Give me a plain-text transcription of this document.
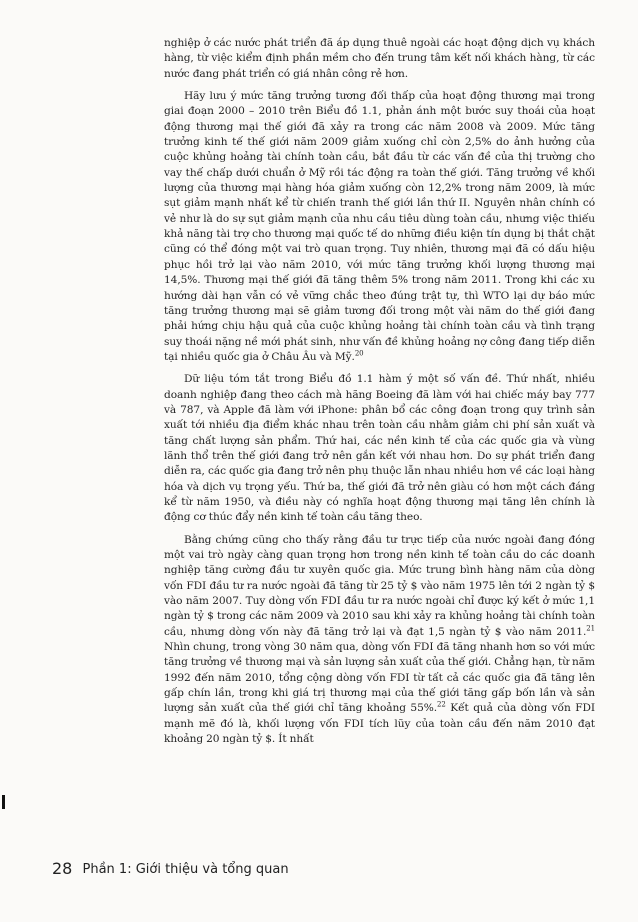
nghiệp ở các nước phát triển đã áp dụng thuê ngoài các hoạt động dịch vụ khách hàng, từ việc kiểm định phần mềm cho đến trung tâm kết nối khách hàng, từ các nước đang phát triển có giá nhân công rẻ hơn.

Hãy lưu ý mức tăng trưởng tương đối thấp của hoạt động thương mại trong giai đoạn 2000 – 2010 trên Biểu đồ 1.1, phản ánh một bước suy thoái của hoạt động thương mại thế giới đã xảy ra trong các năm 2008 và 2009. Mức tăng trưởng kinh tế thế giới năm 2009 giảm xuống chỉ còn 2,5% do ảnh hưởng của cuộc khủng hoảng tài chính toàn cầu, bắt đầu từ các vấn đề của thị trường cho vay thế chấp dưới chuẩn ở Mỹ rồi tác động ra toàn thế giới. Tăng trưởng về khối lượng của thương mại hàng hóa giảm xuống còn 12,2% trong năm 2009, là mức sụt giảm mạnh nhất kể từ chiến tranh thế giới lần thứ II. Nguyên nhân chính có vẻ như là do sự sụt giảm mạnh của nhu cầu tiêu dùng toàn cầu, nhưng việc thiếu khả năng tài trợ cho thương mại quốc tế do những điều kiện tín dụng bị thắt chặt cũng có thể đóng một vai trò quan trọng. Tuy nhiên, thương mại đã có dấu hiệu phục hồi trở lại vào năm 2010, với mức tăng trưởng khối lượng thương mại 14,5%. Thương mại thế giới đã tăng thêm 5% trong năm 2011. Trong khi các xu hướng dài hạn vẫn có vẻ vững chắc theo đúng trật tự, thì WTO lại dự báo mức tăng trưởng thương mại sẽ giảm tương đối trong một vài năm do thế giới đang phải hứng chịu hậu quả của cuộc khủng hoảng tài chính toàn cầu và tình trạng suy thoái nặng nề mới phát sinh, như vấn đề khủng hoảng nợ công đang tiếp diễn tại nhiều quốc gia ở Châu Âu và Mỹ.$^{20}$

Dữ liệu tóm tắt trong Biểu đồ 1.1 hàm ý một số vấn đề. Thứ nhất, nhiều doanh nghiệp đang theo cách mà hãng Boeing đã làm với hai chiếc máy bay 777 và 787, và Apple đã làm với iPhone: phân bổ các công đoạn trong quy trình sản xuất tới nhiều địa điểm khác nhau trên toàn cầu nhằm giảm chi phí sản xuất và tăng chất lượng sản phẩm. Thứ hai, các nền kinh tế của các quốc gia và vùng lãnh thổ trên thế giới đang trở nên gắn kết với nhau hơn. Do sự phát triển đang diễn ra, các quốc gia đang trở nên phụ thuộc lẫn nhau nhiều hơn về các loại hàng hóa và dịch vụ trọng yếu. Thứ ba, thế giới đã trở nên giàu có hơn một cách đáng kể từ năm 1950, và điều này có nghĩa hoạt động thương mại tăng lên chính là động cơ thúc đẩy nền kinh tế toàn cầu tăng theo.

Bằng chứng cũng cho thấy rằng đầu tư trực tiếp của nước ngoài đang đóng một vai trò ngày càng quan trọng hơn trong nền kinh tế toàn cầu do các doanh nghiệp tăng cường đầu tư xuyên quốc gia. Mức trung bình hàng năm của dòng vốn FDI đầu tư ra nước ngoài đã tăng từ 25 tỷ $ vào năm 1975 lên tới 2 ngàn tỷ $ vào năm 2007. Tuy dòng vốn FDI đầu tư ra nước ngoài chỉ được ký kết ở mức 1,1 ngàn tỷ $ trong các năm 2009 và 2010 sau khi xảy ra khủng hoảng tài chính toàn cầu, nhưng dòng vốn này đã tăng trở lại và đạt 1,5 ngàn tỷ $ vào năm 2011.21 Nhìn chung, trong vòng 30 năm qua, dòng vốn FDI đã tăng nhanh hơn so với mức tăng trưởng về thương mại và sản lượng sản xuất của thế giới. Chẳng hạn, từ năm 1992 đến năm 2010, tổng cộng dòng vốn FDI từ tất cả các quốc gia đã tăng lên gấp chín lần, trong khi giá trị thương mại của thế giới tăng gấp bốn lần và sản lượng sản xuất của thế giới chỉ tăng khoảng 55%.$^{22}$ Kết quả của dòng vốn FDI mạnh mẽ đó là, khối lượng vốn FDI tích lũy của toàn cầu đến năm 2010 đạt khoảng 20 ngàn tỷ $. Ít nhất

28 Phần 1: Giới thiệu và tổng quan
